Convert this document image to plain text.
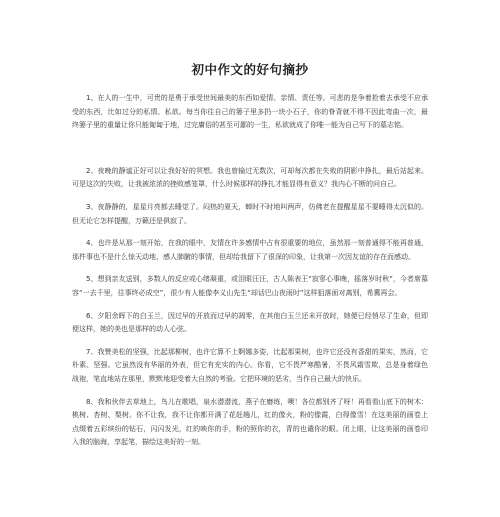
初中作文的好句摘抄

1、在人的一生中，可贵的是勇于承受世间最美的东西如爱情、亲情、责任等。可悲的是争着抢着去承受不应承受的东西，比如过分的私情、私欲。每当你往自己的篓子里多扔一块小石子，你的脊背就不得不因此弯曲一次，最终篓子里的重量让你只能匍匐于地，过完庸俗的甚至可鄙的一生，私欲就成了你唯一能为自己写下的墓志铭。

2、夜晚的静谧正好可以让我好好的冥想。我也曾输过无数次，可却每次都在失败的阴影中挣扎，最后站起来。可是这次的失败，让我被浓浓的挫败感笼罩，什么时候那样的挣扎才能显得有意义？我内心不断的问自己。

3、夜静静的，星星月亮都去睡觉了。闷热的夏天，蝉时不时地叫两声，仿佛老在提醒星星不要睡得太沉似的。但无论它怎样提醒，万籁还是俱寂了。

4、也许是从那一刻开始，在我的眼中，友情在许多感情中占有很重要的地位，虽然那一刻普通得不能再普通，那件事也不是什么惊天动地、感人肺腑的事情，但却给我留下了很深的印象，让我第一次因友谊的存在而感动。

5、想到亲友送别，多数人的反应或心绪凝重，或泪眼汪汪，古人陈表王“寂寥心事晚，摇落岁时秋”，今者席慕容“一去千里，往事终必成空”，很少有人能像李义山先生“却话巴山夜雨时”这样狙落面对离别，希冀再会。

6、夕阳余晖下的白玉兰，因过早的开放而过早的凋零，在其他白玉兰还未开放时，她便已经悄尽了生命，但即便这样，她的美也是那样的动人心弦。

7、我赞美松的坚强，比起那柳树，也许它算不上婀娜多姿，比起那果树，也许它还没有香甜的果实，然而，它朴素、坚强。它虽然没有华丽的外表，但它有充实的内心。你看，它不畏严寒酷暑，不畏风霜雪欺，总是身着绿色战袍，笔直地站在那里，默默地迎受着大自然的考验。它把环境的恶劣，当作自己最大的快乐。

8、我和伙伴去草地上，鸟儿在歌唱，泉水潜潜流，燕子在磨练，噢！各位都别齐了呀！再看看山底下的树木：桃树、杏树、梨树。你不让我，我不让你都开满了花赶趟儿，红的像火，粉的像霞，白得像雪！在这美丽的画卷上点缀着五彩缤纷的钻石，闪闪发光，红的映你的手，粉的照你的衣，青的也谴你的眼。闭上眼，让这美丽的画卷印入我的脑海，享起笔，描绘这美好的一刻。
